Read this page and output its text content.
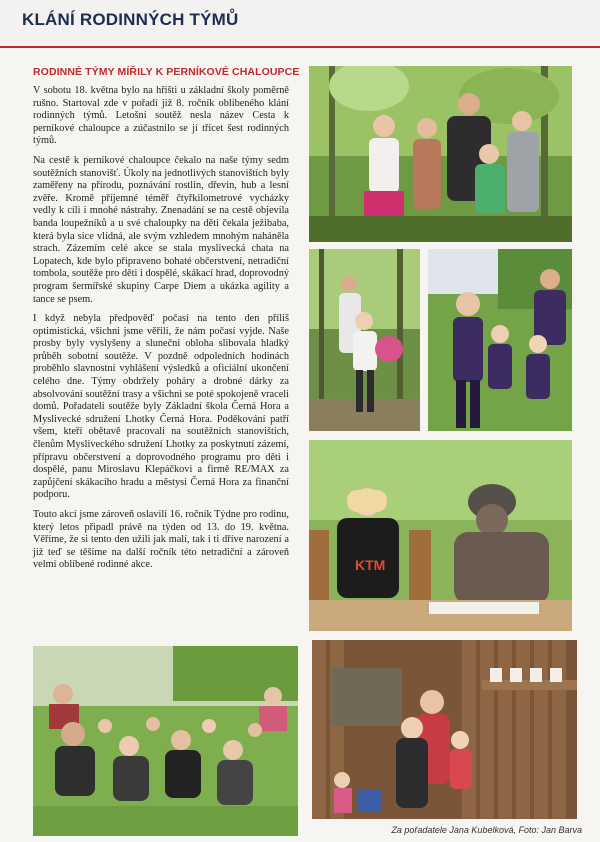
KLÁNÍ RODINNÝCH TÝMŮ
RODINNÉ TÝMY MÍŘILY K PERNÍKOVÉ CHALOUPCE

V sobotu 18. května bylo na hřišti u základní školy poměrně rušno. Startoval zde v pořadí již 8. ročník oblíbeného klání rodinných týmů. Letošní soutěž nesla název Cesta k perníkové chaloupce a zúčastnilo se jí třicet šest rodinných týmů.

Na cestě k perníkové chaloupce čekalo na naše týmy sedm soutěžních stanovišť. Úkoly na jednotlivých stanovištích byly zaměřeny na přírodu, poznávání rostlin, dřevin, hub a lesní zvěře. Kromě příjemné téměř čtyřkilometrové vycházky vedly k cíli i mnohé nástrahy. Znenadání se na cestě objevila banda loupežníků a u své chaloupky na děti čekala ježibaba, která byla sice vlídná, ale svým vzhledem mnohým naháněla strach. Zázemím celé akce se stala myslivecká chata na Lopatech, kde bylo připraveno bohaté občerstvení, netradiční tombola, soutěže pro děti i dospělé, skákací hrad, doprovodný program šermířské skupiny Carpe Diem a ukázka agility a tance se psem.

I když nebyla předpověď počasí na tento den příliš optimistická, všichni jsme věřili, že nám počasí vyjde. Naše prosby byly vyslyšeny a sluneční obloha slibovala hladký průběh sobotní soutěže. V pozdně odpoledních hodinách proběhlo slavnostní vyhlášení výsledků a oficiální ukončení celého dne. Týmy obdržely poháry a drobné dárky za absolvování soutěžní trasy a všichni se poté spokojeně vraceli domů. Pořadateli soutěže byly Základní škola Černá Hora a Myslivecké sdružení Lhotky Černá Hora. Poděkování patří všem, kteří obětavě pracovali na soutěžních stanovištích, členům Mysliveckého sdružení Lhotky za poskytnutí zázemí, přípravu občerstvení a doprovodného programu pro děti i dospělé, panu Miroslavu Klepáčkovi a firmě RE/MAX za zapůjčení skákacího hradu a městysi Černá Hora za finanční podporu.

Touto akcí jsme zároveň oslavili 16. ročník Týdne pro rodinu, který letos připadl právě na týden od 13. do 19. května. Věříme, že si tento den užili jak malí, tak i ti dříve narození a již teď se těšíme na další ročník této netradiční a zároveň velmi oblíbené rodinné akce.	KTM
Za pořadatele Jana Kubelková, Foto: Jan Barva
